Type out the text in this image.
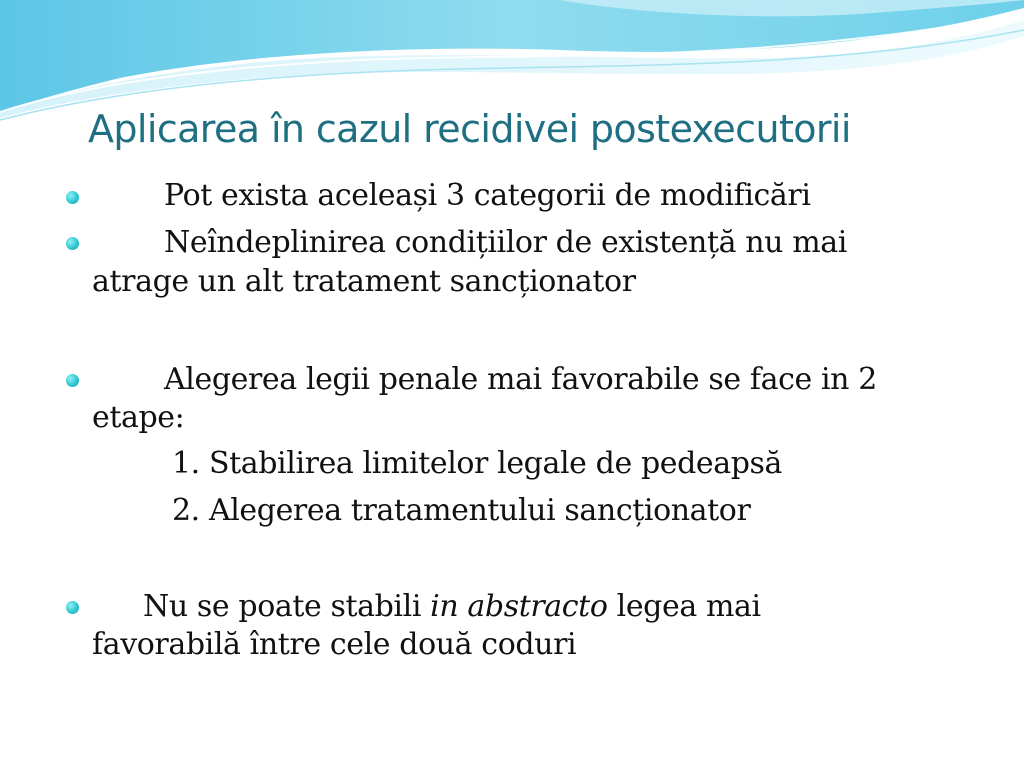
Aplicarea în cazul recidivei postexecutorii
Pot exista aceleași 3 categorii de modificări
Neîndeplinirea condițiilor de existență nu mai
atrage un alt tratament sancționator
Alegerea legii penale mai favorabile se face in 2
etape:
1. Stabilirea limitelor legale de pedeapsă
2. Alegerea tratamentului sancționator
Nu se poate stabili in abstracto legea mai
favorabilă între cele două coduri
